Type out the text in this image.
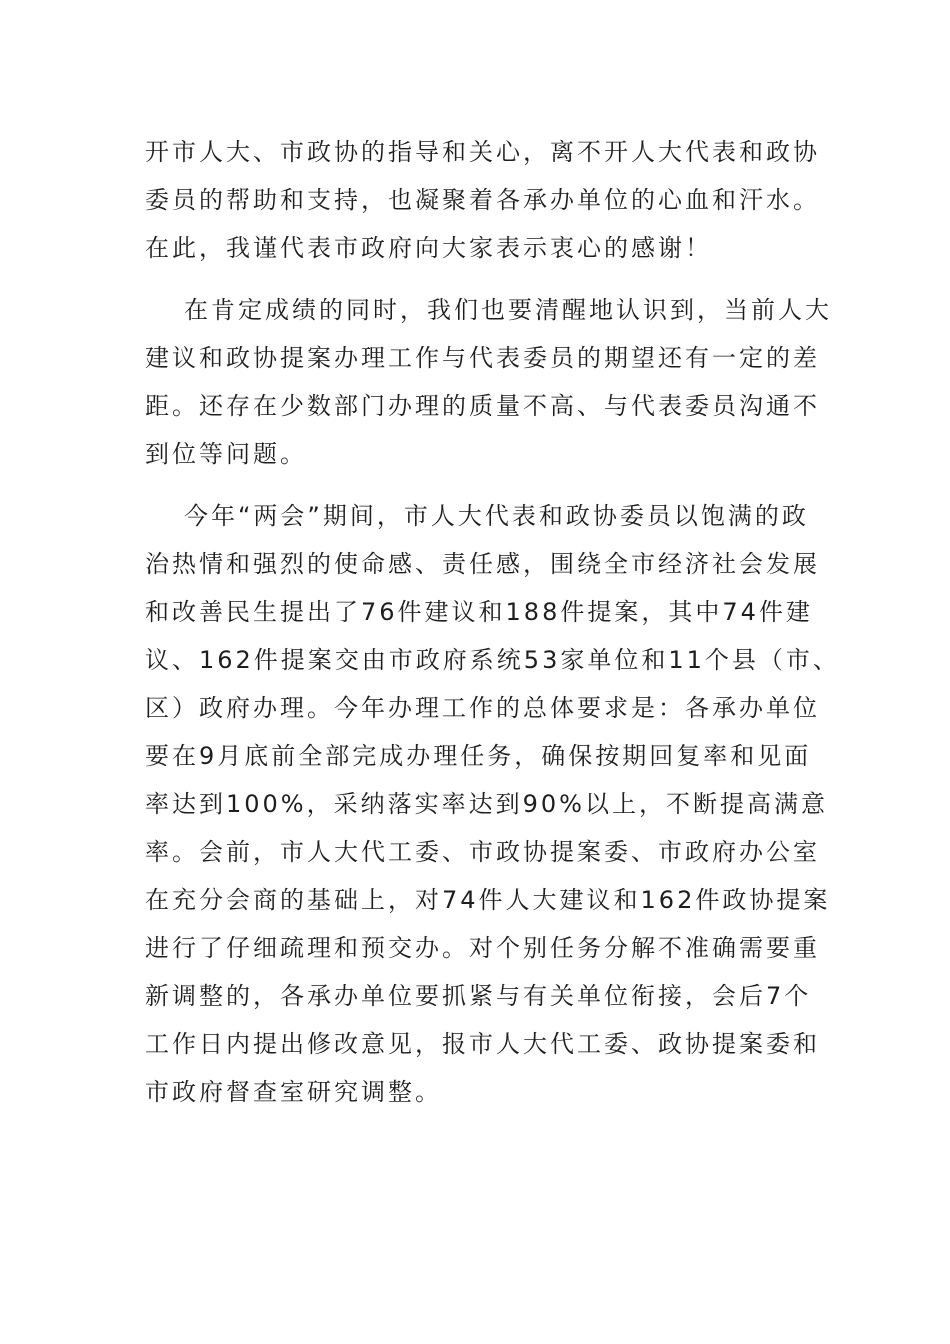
开市人大、市政协的指导和关心，离不开人大代表和政协
委员的帮助和支持，也凝聚着各承办单位的心血和汗水。
在此，我谨代表市政府向大家表示衷心的感谢！
在肯定成绩的同时，我们也要清醒地认识到，当前人大
建议和政协提案办理工作与代表委员的期望还有一定的差
距。还存在少数部门办理的质量不高、与代表委员沟通不
到位等问题。
今年“两会”期间，市人大代表和政协委员以饱满的政
治热情和强烈的使命感、责任感，围绕全市经济社会发展
和改善民生提出了76件建议和188件提案，其中74件建
议、162件提案交由市政府系统53家单位和11个县（市、
区）政府办理。今年办理工作的总体要求是：各承办单位
要在9月底前全部完成办理任务，确保按期回复率和见面
率达到100%，采纳落实率达到90%以上，不断提高满意
率。会前，市人大代工委、市政协提案委、市政府办公室
在充分会商的基础上，对74件人大建议和162件政协提案
进行了仔细疏理和预交办。对个别任务分解不准确需要重
新调整的，各承办单位要抓紧与有关单位衔接，会后7个
工作日内提出修改意见，报市人大代工委、政协提案委和
市政府督查室研究调整。
